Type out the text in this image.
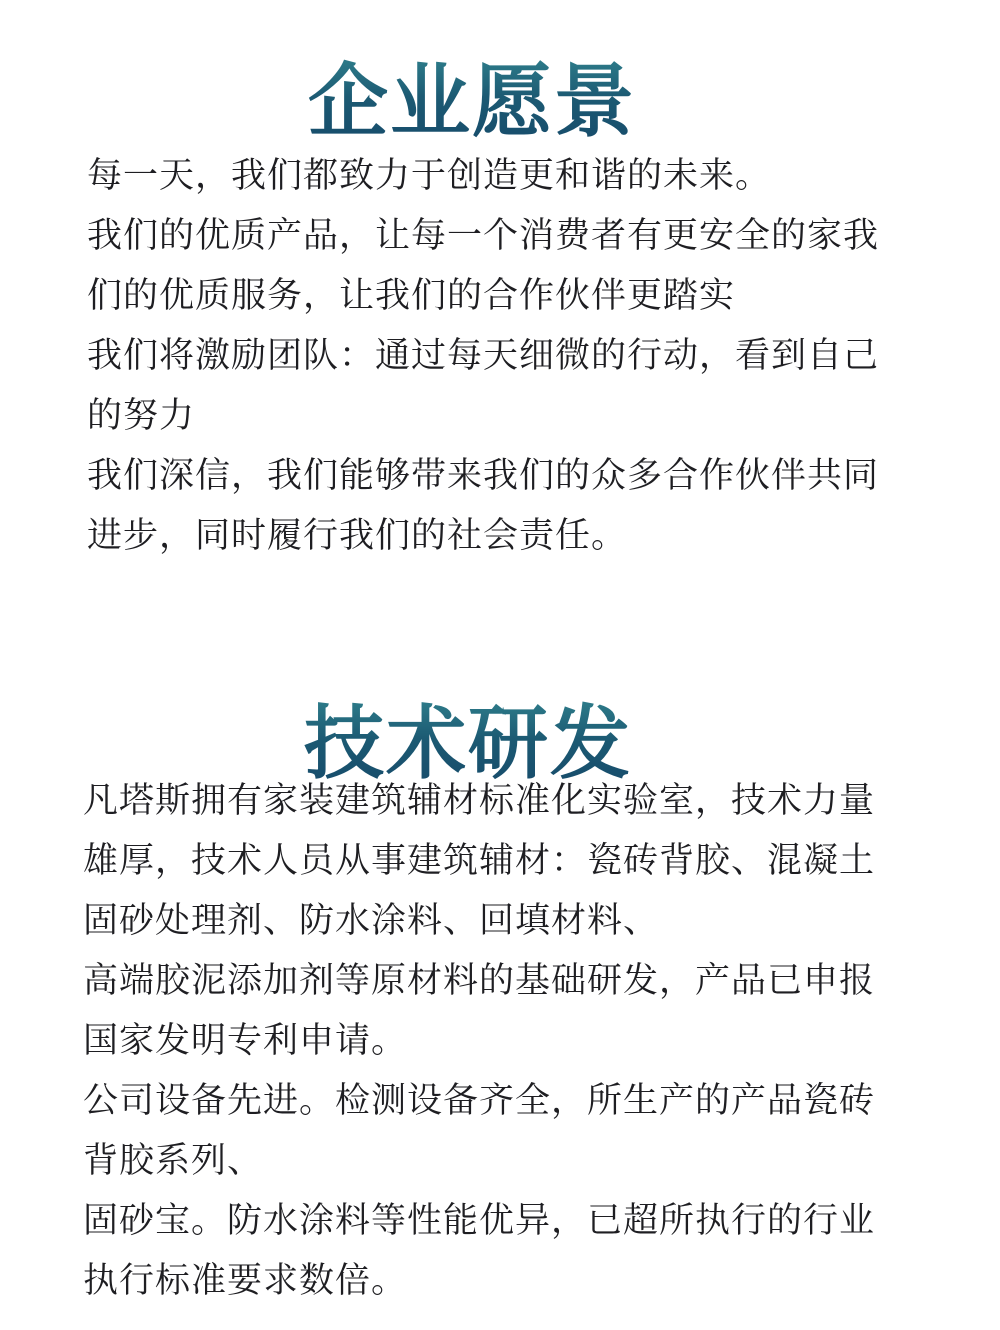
企业愿景

每一天，我们都致力于创造更和谐的未来。

我们的优质产品，让每一个消费者有更安全的家我

们的优质服务，让我们的合作伙伴更踏实

我们将激励团队：通过每天细微的行动，看到自己

的努力

我们深信，我们能够带来我们的众多合作伙伴共同

进步，同时履行我们的社会责任。

技术研发

凡塔斯拥有家装建筑辅材标准化实验室，技术力量

雄厚，技术人员从事建筑辅材：瓷砖背胶、混凝土

固砂处理剂、防水涂料、回填材料、

高端胶泥添加剂等原材料的基础研发，产品已申报

国家发明专利申请。

公司设备先进。检测设备齐全，所生产的产品瓷砖

背胶系列、

固砂宝。防水涂料等性能优异，已超所执行的行业

执行标准要求数倍。
